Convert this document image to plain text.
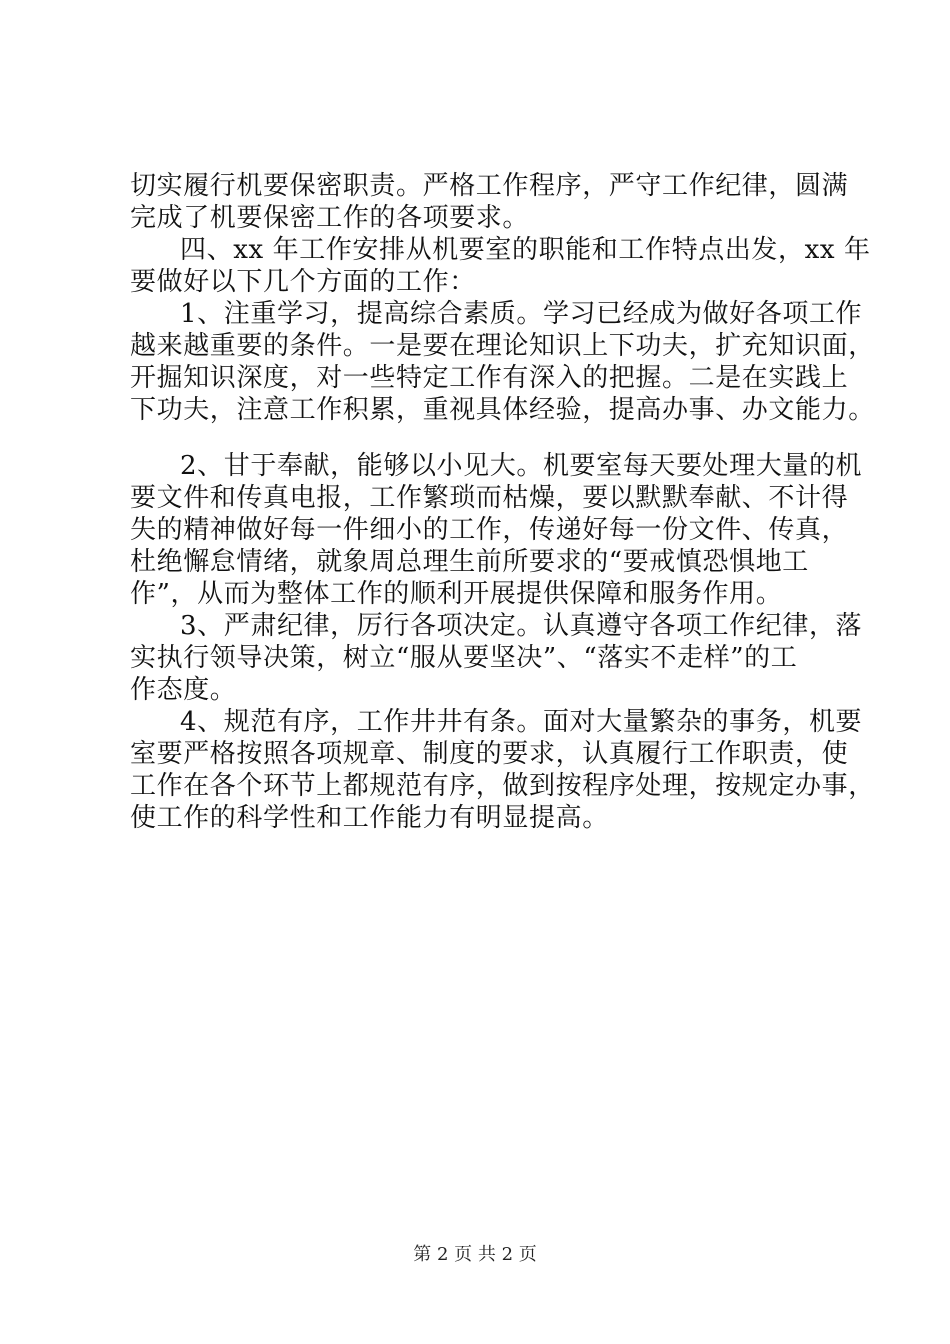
切实履行机要保密职责。严格工作程序，严守工作纪律，圆满
完成了机要保密工作的各项要求。
四、xx 年工作安排从机要室的职能和工作特点出发，xx 年
要做好以下几个方面的工作：
1、注重学习，提高综合素质。学习已经成为做好各项工作
越来越重要的条件。一是要在理论知识上下功夫，扩充知识面，
开掘知识深度，对一些特定工作有深入的把握。二是在实践上
下功夫，注意工作积累，重视具体经验，提高办事、办文能力。
2、甘于奉献，能够以小见大。机要室每天要处理大量的机
要文件和传真电报，工作繁琐而枯燥，要以默默奉献、不计得
失的精神做好每一件细小的工作，传递好每一份文件、传真，
杜绝懈怠情绪，就象周总理生前所要求的“要戒慎恐惧地工
作”，从而为整体工作的顺利开展提供保障和服务作用。
3、严肃纪律，厉行各项决定。认真遵守各项工作纪律，落
实执行领导决策，树立“服从要坚决”、“落实不走样”的工
作态度。
4、规范有序，工作井井有条。面对大量繁杂的事务，机要
室要严格按照各项规章、制度的要求，认真履行工作职责，使
工作在各个环节上都规范有序，做到按程序处理，按规定办事，
使工作的科学性和工作能力有明显提高。
第 2 页 共 2 页
